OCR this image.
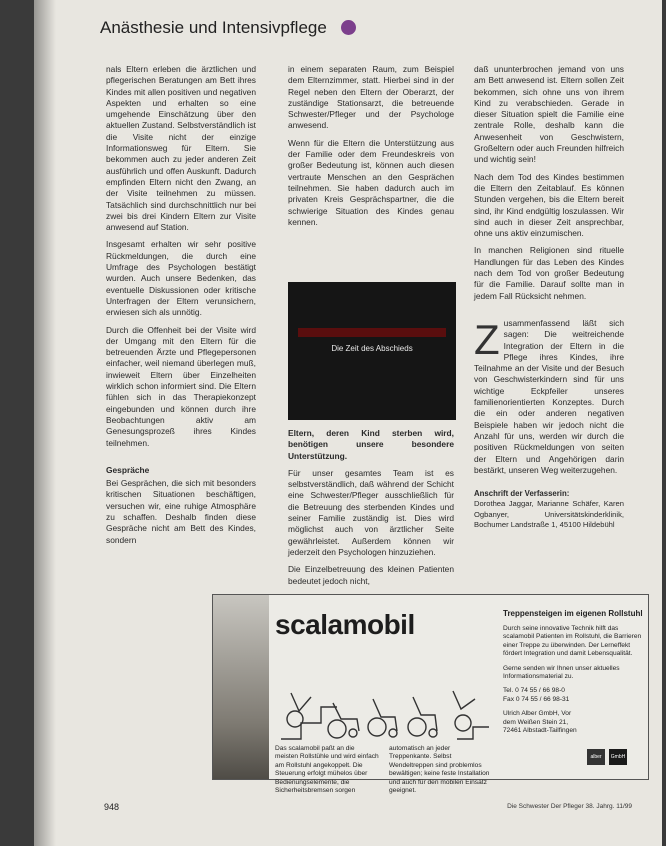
Anästhesie und Intensivpflege

nals Eltern erleben die ärztlichen und pflegerischen Beratungen am Bett ihres Kindes mit allen positiven und negativen Aspekten und erhalten so eine umgehende Einschätzung über den aktuellen Zustand. Selbstverständlich ist die Visite nicht der einzige Informationsweg für Eltern. Sie bekommen auch zu jeder anderen Zeit ausführlich und offen Auskunft. Dadurch empfinden Eltern nicht den Zwang, an der Visite teilnehmen zu müssen. Tatsächlich sind durchschnittlich nur bei zwei bis drei Kindern Eltern zur Visite anwesend auf Station.

Insgesamt erhalten wir sehr positive Rückmeldungen, die durch eine Umfrage des Psychologen bestätigt wurden. Auch unsere Bedenken, das eventuelle Diskussionen oder kritische Unterfragen der Eltern verunsichern, erwiesen sich als unnötig.

Durch die Offenheit bei der Visite wird der Umgang mit den Eltern für die betreuenden Ärzte und Pflegepersonen einfacher, weil niemand überlegen muß, inwieweit Eltern über Einzelheiten wirklich schon informiert sind. Die Eltern fühlen sich in das Therapiekonzept eingebunden und können durch ihre Beobachtungen aktiv am Genesungsprozeß ihres Kindes teilnehmen.

Gespräche

Bei Gesprächen, die sich mit besonders kritischen Situationen beschäftigen, versuchen wir, eine ruhige Atmosphäre zu schaffen. Deshalb finden diese Gespräche nicht am Bett des Kindes, sondern

in einem separaten Raum, zum Beispiel dem Elternzimmer, statt. Hierbei sind in der Regel neben den Eltern der Oberarzt, der zuständige Stationsarzt, die betreuende Schwester/Pfleger und der Psychologe anwesend.

Wenn für die Eltern die Unterstützung aus der Familie oder dem Freundeskreis von großer Bedeutung ist, können auch diesen vertraute Menschen an den Gesprächen teilnehmen. Sie haben dadurch auch im privaten Kreis Gesprächspartner, die die schwierige Situation des Kindes genau kennen.

Die Zeit des Abschieds

Eltern, deren Kind sterben wird, benötigen unsere besondere Unterstützung.

Für unser gesamtes Team ist es selbstverständlich, daß während der Schicht eine Schwester/Pfleger ausschließlich für die Betreuung des sterbenden Kindes und seiner Familie zuständig ist. Dies wird möglichst auch von ärztlicher Seite gewährleistet. Außerdem können wir jederzeit den Psychologen hinzuziehen.

Die Einzelbetreuung des kleinen Patienten bedeutet jedoch nicht,

daß ununterbrochen jemand von uns am Bett anwesend ist. Eltern sollen Zeit bekommen, sich ohne uns von ihrem Kind zu verabschieden. Gerade in dieser Situation spielt die Familie eine zentrale Rolle, deshalb kann die Anwesenheit von Geschwistern, Großeltern oder auch Freunden hilfreich und wichtig sein!

Nach dem Tod des Kindes bestimmen die Eltern den Zeitablauf. Es können Stunden vergehen, bis die Eltern bereit sind, ihr Kind endgültig loszulassen. Wir sind auch in dieser Zeit ansprechbar, ohne uns aktiv einzumischen.

In manchen Religionen sind rituelle Handlungen für das Leben des Kindes nach dem Tod von großer Bedeutung für die Familie. Darauf sollte man in jedem Fall Rücksicht nehmen.

Z usammenfassend läßt sich sagen: Die weitreichende Integration der Eltern in die Pflege ihres Kindes, ihre Teilnahme an der Visite und der Besuch von Geschwisterkindern sind für uns wichtige Eckpfeiler unseres familienorientierten Konzeptes. Durch die ein oder anderen negativen Beispiele haben wir jedoch nicht die Anzahl für uns, werden wir durch die positiven Rückmeldungen von seiten der Eltern und Angehörigen darin bestärkt, unseren Weg weiterzugehen.

Anschrift der Verfasserin:

Dorothea Jaggar, Marianne Schäfer, Karen Ogbanyer, Universitätskinderklinik, Bochumer Landstraße 1, 45100 Hildebühl

scalamobil
Das scalamobil paßt an die meisten Rollstühle und wird einfach am Rollstuhl angekoppelt. Die Steuerung erfolgt mühelos über Bedienungselemente, die Sicherheitsbremsen sorgen automatisch an jeder Treppenkante. Selbst Wendeltreppen sind problemlos bewältigen; keine feste Installation und auch für den mobilen Einsatz geeignet.
Treppensteigen im eigenen Rollstuhl
Durch seine innovative Technik hilft das scalamobil Patienten im Rollstuhl, die Barrieren einer Treppe zu überwinden. Der Lerneffekt fördert Integration und damit Lebensqualität.
Gerne senden wir Ihnen unser aktuelles Informationsmaterial zu.
Tel. 0 74 55 / 66 98-0
Fax 0 74 55 / 66 98-31
Ulrich Alber GmbH, Vor dem Weißen Stein 21, 72461 Albstadt-Tailfingen
alber	GmbH
948	Die Schwester Der Pfleger 38. Jahrg. 11/99
